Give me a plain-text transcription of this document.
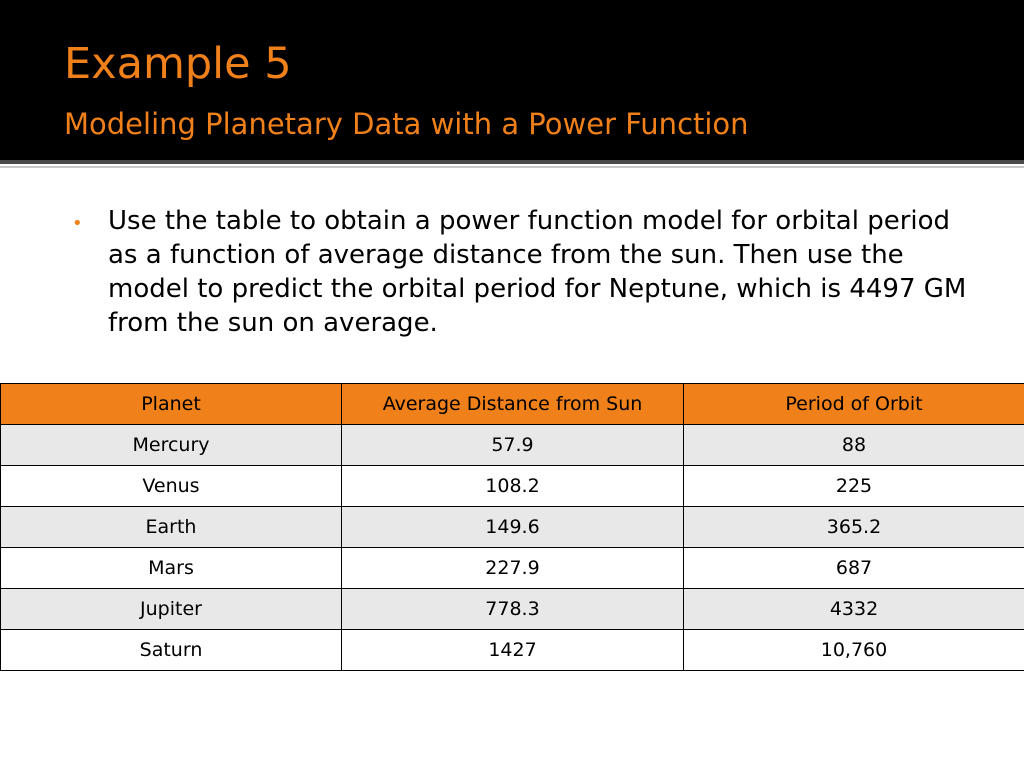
Example 5
Modeling Planetary Data with a Power Function
• Use the table to obtain a power function model for orbital period as a function of average distance from the sun. Then use the model to predict the orbital period for Neptune, which is 4497 GM from the sun on average.

Planet	Average Distance from Sun	Period of Orbit
Mercury	57.9	88
Venus	108.2	225
Earth	149.6	365.2
Mars	227.9	687
Jupiter	778.3	4332
Saturn	1427	10,760
